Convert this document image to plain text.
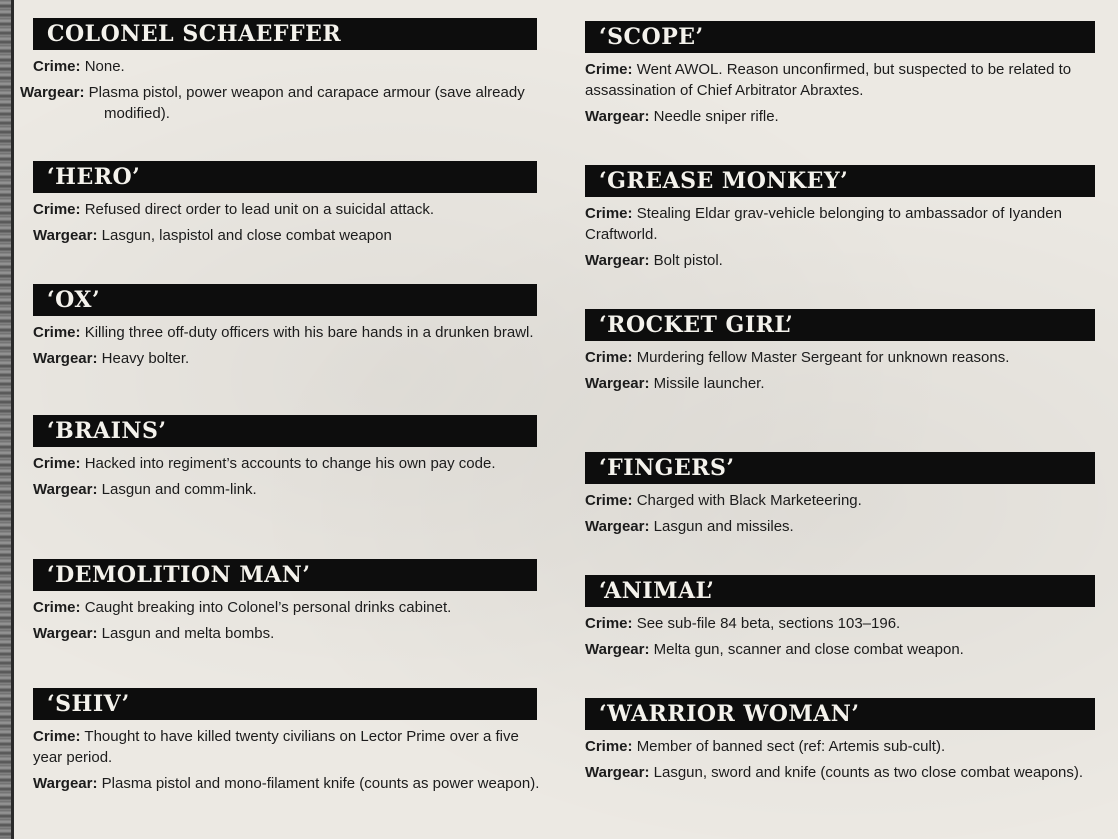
COLONEL SCHAEFFER
Crime: None.
Wargear: Plasma pistol, power weapon and carapace armour (save already modified).
‘HERO’
Crime: Refused direct order to lead unit on a suicidal attack.
Wargear: Lasgun, laspistol and close combat weapon
‘OX’
Crime: Killing three off-duty officers with his bare hands in a drunken brawl.
Wargear: Heavy bolter.
‘BRAINS’
Crime: Hacked into regiment’s accounts to change his own pay code.
Wargear: Lasgun and comm-link.
‘DEMOLITION MAN’
Crime: Caught breaking into Colonel’s personal drinks cabinet.
Wargear: Lasgun and melta bombs.
‘SHIV’
Crime: Thought to have killed twenty civilians on Lector Prime over a five year period.
Wargear: Plasma pistol and mono-filament knife (counts as power weapon).
‘SCOPE’
Crime: Went AWOL. Reason unconfirmed, but suspected to be related to assassination of Chief Arbitrator Abraxtes.
Wargear: Needle sniper rifle.
‘GREASE MONKEY’
Crime: Stealing Eldar grav-vehicle belonging to ambassador of Iyanden Craftworld.
Wargear: Bolt pistol.
‘ROCKET GIRL’
Crime: Murdering fellow Master Sergeant for unknown reasons.
Wargear: Missile launcher.
‘FINGERS’
Crime: Charged with Black Marketeering.
Wargear: Lasgun and missiles.
‘ANIMAL’
Crime: See sub-file 84 beta, sections 103–196.
Wargear: Melta gun, scanner and close combat weapon.
‘WARRIOR WOMAN’
Crime: Member of banned sect (ref: Artemis sub-cult).
Wargear: Lasgun, sword and knife (counts as two close combat weapons).
